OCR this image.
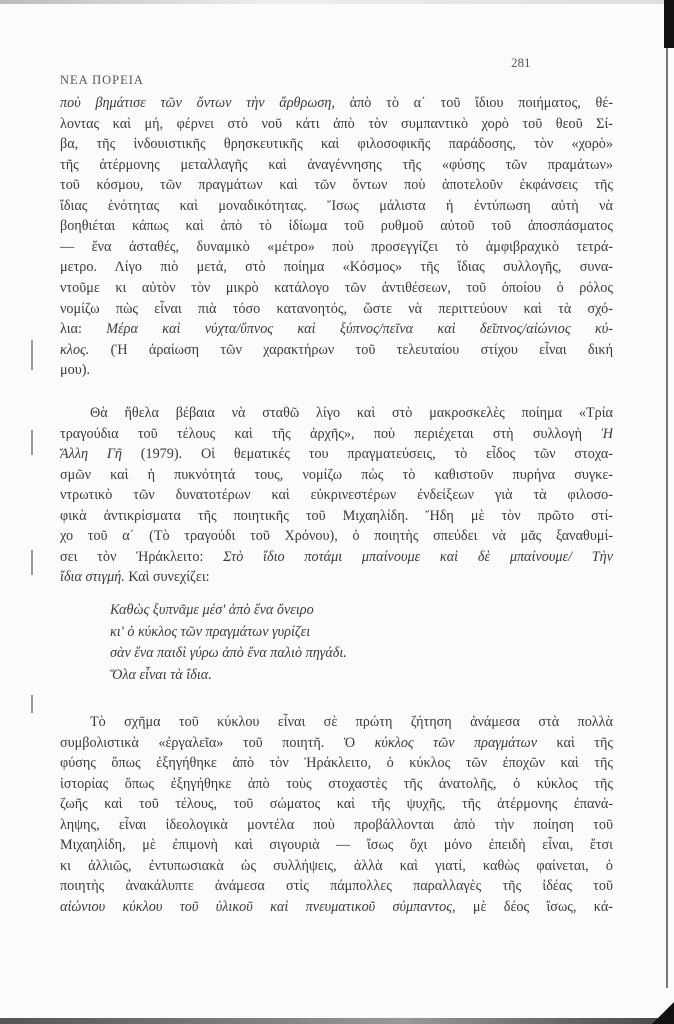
ΝΕΑ ΠΟΡΕΙΑ
281
ποὺ βημάτισε τῶν ὄντων τὴν ἄρθρωση, ἀπὸ τὸ α΄ τοῦ ἴδιου ποιήματος, θέ-
λοντας καὶ μή, φέρνει στὸ νοῦ κάτι ἀπὸ τὸν συμπαντικὸ χορὸ τοῦ θεοῦ Σί-
βα, τῆς ἰνδουιστικῆς θρησκευτικῆς καὶ φιλοσοφικῆς παράδοσης, τὸν «χορὸ»
τῆς ἀτέρμονης μεταλλαγῆς καὶ ἀναγέννησης τῆς «φύσης τῶν πραμάτων»
τοῦ κόσμου, τῶν πραγμάτων καὶ τῶν ὄντων ποὺ ἀποτελοῦν ἐκφάνσεις τῆς
ἴδιας ἑνότητας καὶ μοναδικότητας. Ἴσως μάλιστα ἡ ἐντύπωση αὐτὴ νὰ
βοηθιέται κάπως καὶ ἀπὸ τὸ ἰδίωμα τοῦ ρυθμοῦ αὐτοῦ τοῦ ἀποσπάσματος
— ἕνα ἀσταθές, δυναμικὸ «μέτρο» ποὺ προσεγγίζει τὸ ἀμφιβραχικὸ τετρά-
μετρο. Λίγο πιὸ μετά, στὸ ποίημα «Κόσμος» τῆς ἴδιας συλλογῆς, συνα-
ντοῦμε κι αὐτὸν τὸν μικρὸ κατάλογο τῶν ἀντιθέσεων, τοῦ ὁποίου ὁ ρόλος
νομίζω πὼς εἶναι πιὰ τόσο κατανοητός, ὥστε νὰ περιττεύουν καὶ τὰ σχό-
λια: Μέρα καὶ νύχτα/ὕπνος καὶ ξύπνος/πεῖνα καὶ δεῖπνος/αἰώνιος κύ-
κλος. (Ἡ ἀραίωση τῶν χαρακτήρων τοῦ τελευταίου στίχου εἶναι δική
μου).
Θὰ ἤθελα βέβαια νὰ σταθῶ λίγο καὶ στὸ μακροσκελὲς ποίημα «Τρία
τραγούδια τοῦ τέλους καὶ τῆς ἀρχῆς», ποὺ περιέχεται στὴ συλλογὴ Ἡ
Ἄλλη Γῆ (1979). Οἱ θεματικές του πραγματεύσεις, τὸ εἶδος τῶν στοχα-
σμῶν καὶ ἡ πυκνότητά τους, νομίζω πὼς τὸ καθιστοῦν πυρήνα συγκε-
ντρωτικὸ τῶν δυνατοτέρων καὶ εὐκρινεστέρων ἐνδείξεων γιὰ τὰ φιλοσο-
φικὰ ἀντικρίσματα τῆς ποιητικῆς τοῦ Μιχαηλίδη. Ἤδη μὲ τὸν πρῶτο στί-
χο τοῦ α΄ (Τὸ τραγούδι τοῦ Χρόνου), ὁ ποιητὴς σπεύδει νὰ μᾶς ξαναθυμί-
σει τὸν Ἡράκλειτο: Στὸ ἴδιο ποτάμι μπαίνουμε καὶ δὲ μπαίνουμε/ Τὴν
ἴδια στιγμή. Καὶ συνεχίζει:
Τὸ σχῆμα τοῦ κύκλου εἶναι σὲ πρώτη ζήτηση ἀνάμεσα στὰ πολλὰ
συμβολιστικὰ «ἐργαλεῖα» τοῦ ποιητῆ. Ὁ κύκλος τῶν πραγμάτων καὶ τῆς
φύσης ὅπως ἐξηγήθηκε ἀπὸ τὸν Ἡράκλειτο, ὁ κύκλος τῶν ἐποχῶν καὶ τῆς
ἱστορίας ὅπως ἐξηγήθηκε ἀπὸ τοὺς στοχαστὲς τῆς ἀνατολῆς, ὁ κύκλος τῆς
ζωῆς καὶ τοῦ τέλους, τοῦ σώματος καὶ τῆς ψυχῆς, τῆς ἀτέρμονης ἐπανά-
ληψης, εἶναι ἰδεολογικὰ μοντέλα ποὺ προβάλλονται ἀπὸ τὴν ποίηση τοῦ
Μιχαηλίδη, μὲ ἐπιμονὴ καὶ σιγουριὰ — ἴσως ὄχι μόνο ἐπειδὴ εἶναι, ἔτσι
κι ἀλλιῶς, ἐντυπωσιακὰ ὡς συλλήψεις, ἀλλὰ καὶ γιατί, καθὼς φαίνεται, ὁ
ποιητὴς ἀνακάλυπτε ἀνάμεσα στὶς πάμπολλες παραλλαγὲς τῆς ἰδέας τοῦ
αἰώνιου κύκλου τοῦ ὑλικοῦ καὶ πνευματικοῦ σύμπαντος, μὲ δέος ἴσως, κά-
Καθὼς ξυπνᾶμε μέσ' ἀπὸ ἕνα ὄνειρο
κι' ὁ κύκλος τῶν πραγμάτων γυρίζει
σὰν ἕνα παιδὶ γύρω ἀπὸ ἕνα παλιὸ πηγάδι.
Ὅλα εἶναι τὰ ἴδια.
